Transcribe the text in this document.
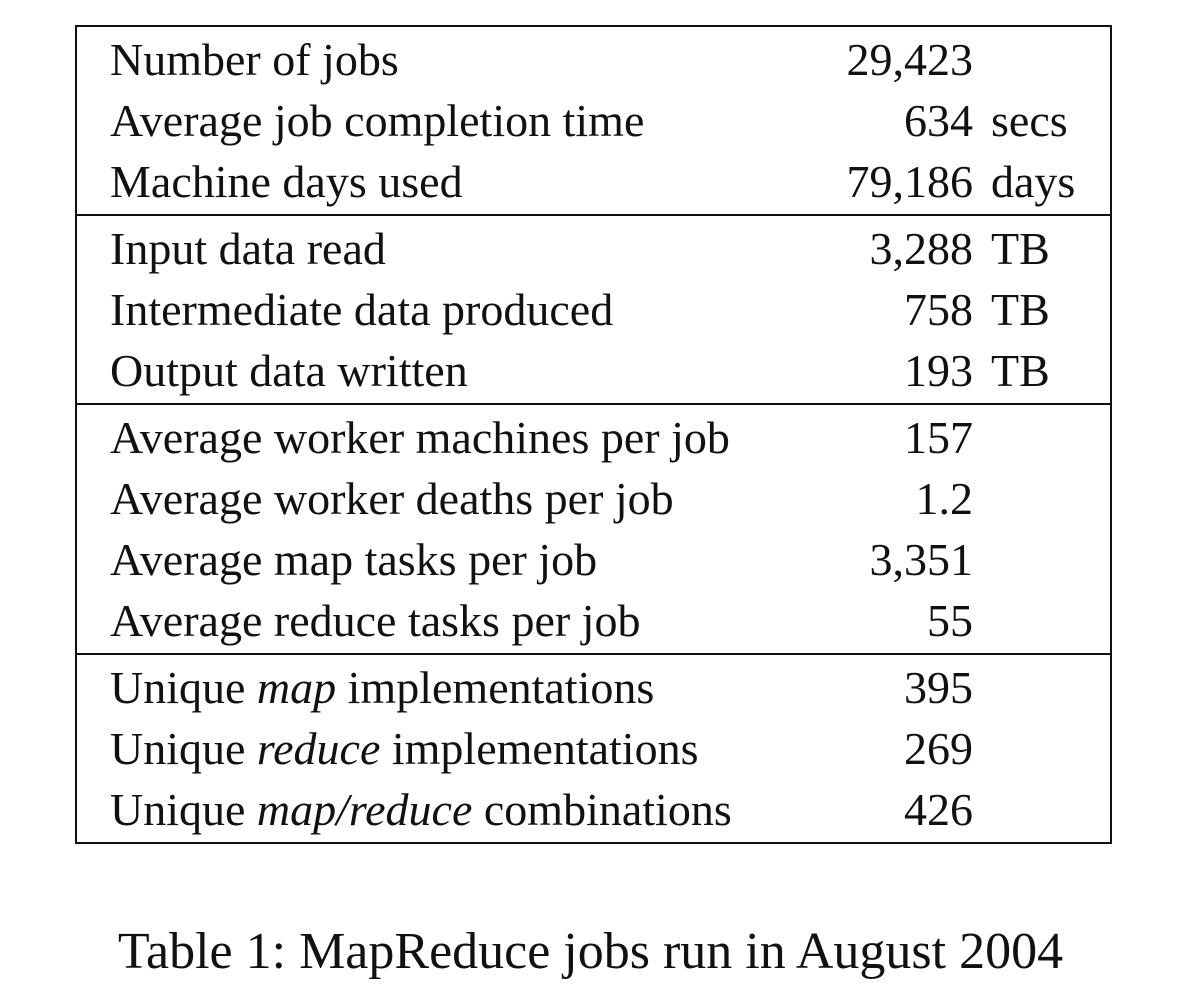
Number of jobs	29,423
Average job completion time	634 secs
Machine days used	79,186 days
Input data read	3,288 TB
Intermediate data produced	758 TB
Output data written	193 TB
Average worker machines per job	157
Average worker deaths per job	1.2
Average map tasks per job	3,351
Average reduce tasks per job	55
Unique map implementations	395
Unique reduce implementations	269
Unique map/reduce combinations	426
Table 1: MapReduce jobs run in August 2004
